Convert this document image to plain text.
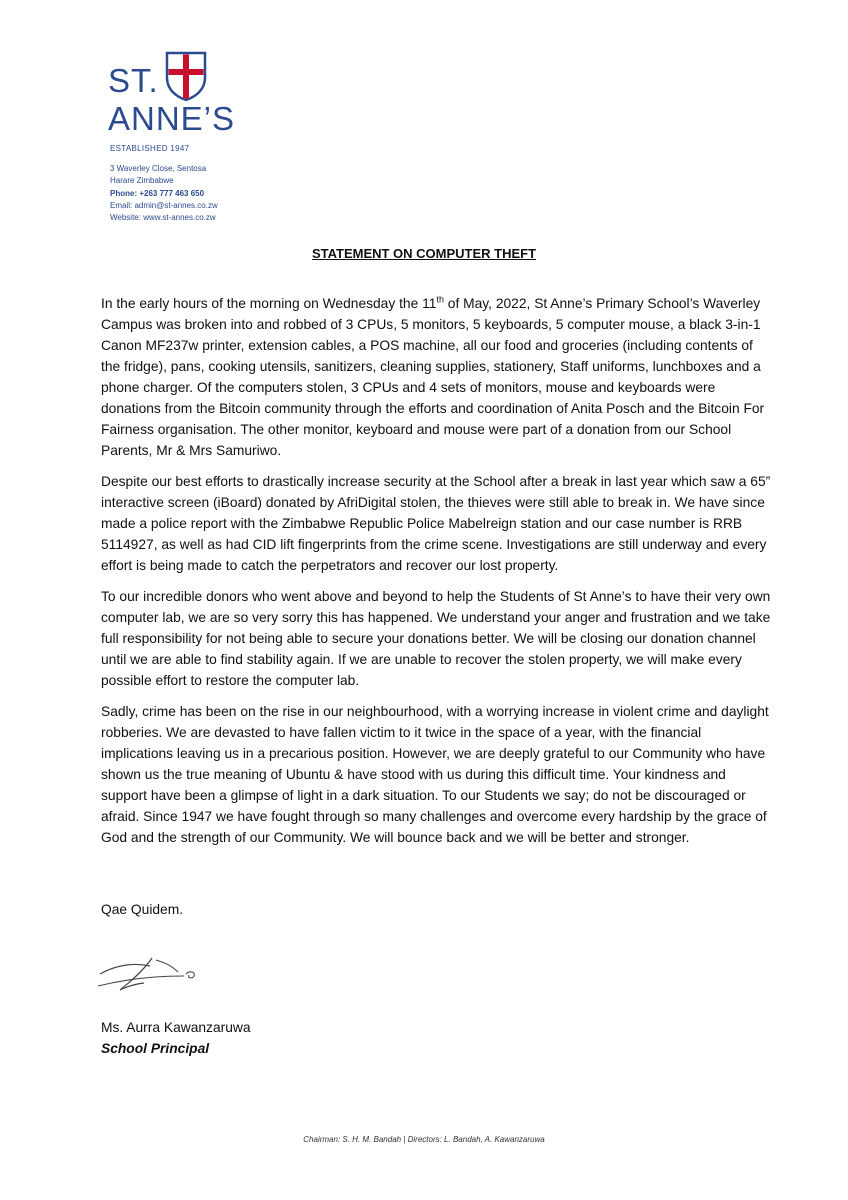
ST.
ANNE’S
ESTABLISHED 1947
3 Waverley Close, Sentosa
Harare Zimbabwe
Phone: +263 777 463 650
Email: admin@st-annes.co.zw
Website: www.st-annes.co.zw
STATEMENT ON COMPUTER THEFT

In the early hours of the morning on Wednesday the 11th of May, 2022, St Anne’s Primary School’s Waverley Campus was broken into and robbed of 3 CPUs, 5 monitors, 5 keyboards, 5 computer mouse, a black 3-in-1 Canon MF237w printer, extension cables, a POS machine, all our food and groceries (including contents of the fridge), pans, cooking utensils, sanitizers, cleaning supplies, stationery, Staff uniforms, lunchboxes and a phone charger. Of the computers stolen, 3 CPUs and 4 sets of monitors, mouse and keyboards were donations from the Bitcoin community through the efforts and coordination of Anita Posch and the Bitcoin For Fairness organisation. The other monitor, keyboard and mouse were part of a donation from our School Parents, Mr & Mrs Samuriwo.

Despite our best efforts to drastically increase security at the School after a break in last year which saw a 65” interactive screen (iBoard) donated by AfriDigital stolen, the thieves were still able to break in. We have since made a police report with the Zimbabwe Republic Police Mabelreign station and our case number is RRB 5114927, as well as had CID lift fingerprints from the crime scene. Investigations are still underway and every effort is being made to catch the perpetrators and recover our lost property.

To our incredible donors who went above and beyond to help the Students of St Anne’s to have their very own computer lab, we are so very sorry this has happened. We understand your anger and frustration and we take full responsibility for not being able to secure your donations better. We will be closing our donation channel until we are able to find stability again. If we are unable to recover the stolen property, we will make every possible effort to restore the computer lab.

Sadly, crime has been on the rise in our neighbourhood, with a worrying increase in violent crime and daylight robberies. We are devasted to have fallen victim to it twice in the space of a year, with the financial implications leaving us in a precarious position. However, we are deeply grateful to our Community who have shown us the true meaning of Ubuntu & have stood with us during this difficult time. Your kindness and support have been a glimpse of light in a dark situation. To our Students we say; do not be discouraged or afraid. Since 1947 we have fought through so many challenges and overcome every hardship by the grace of God and the strength of our Community. We will bounce back and we will be better and stronger.

Qae Quidem.
Ms. Aurra Kawanzaruwa
School Principal
Chairman: S. H. M. Bandah | Directors: L. Bandah, A. Kawanzaruwa
